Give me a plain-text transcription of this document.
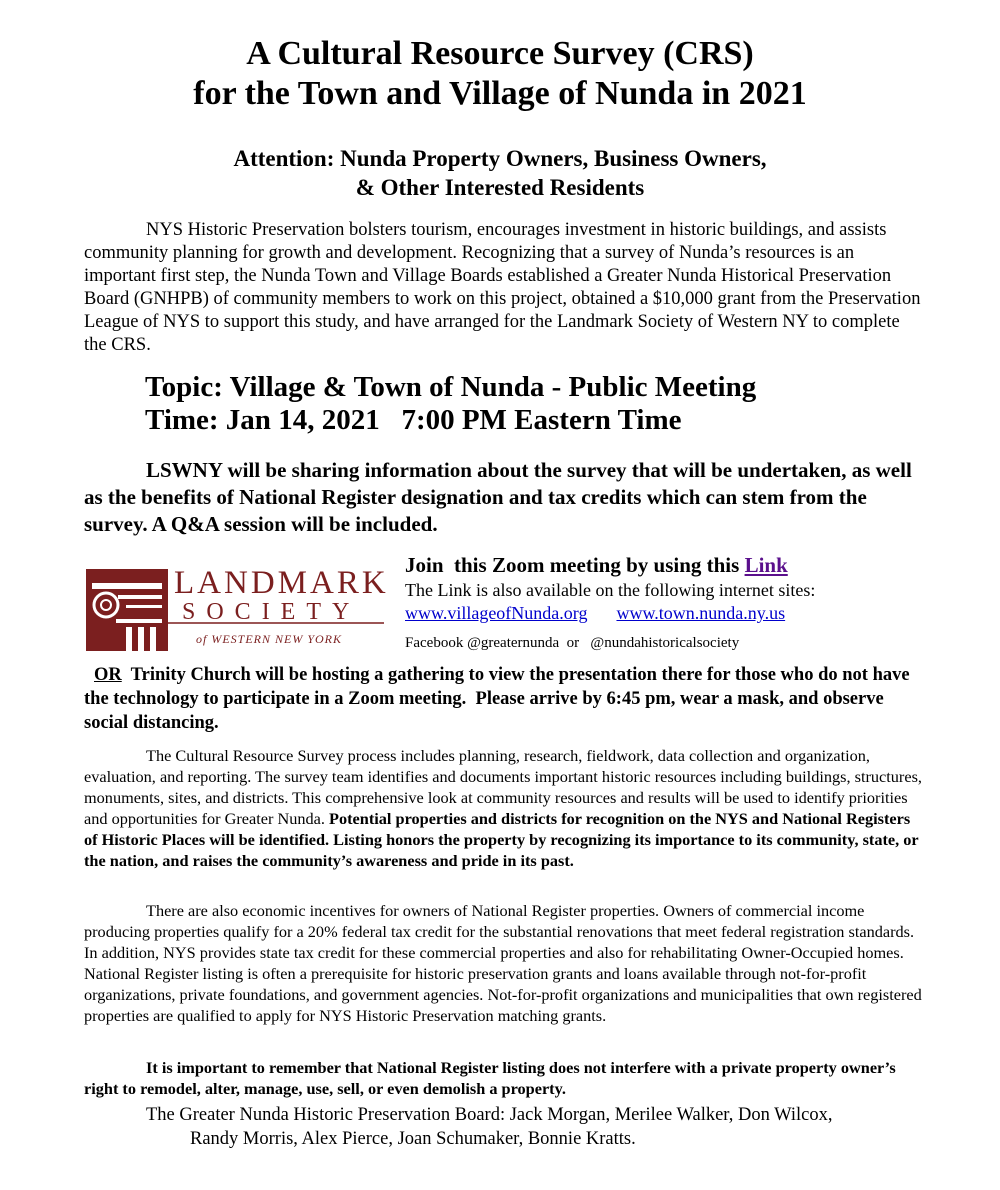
A Cultural Resource Survey (CRS)
for the Town and Village of Nunda in 2021
Attention: Nunda Property Owners, Business Owners,
& Other Interested Residents
NYS Historic Preservation bolsters tourism, encourages investment in historic buildings, and assists community planning for growth and development. Recognizing that a survey of Nunda’s resources is an important first step, the Nunda Town and Village Boards established a Greater Nunda Historical Preservation Board (GNHPB) of community members to work on this project, obtained a $10,000 grant from the Preservation League of NYS to support this study, and have arranged for the Landmark Society of Western NY to complete the CRS.
Topic: Village & Town of Nunda - Public Meeting
Time: Jan 14, 2021   7:00 PM Eastern Time
LSWNY will be sharing information about the survey that will be undertaken, as well as the benefits of National Register designation and tax credits which can stem from the survey. A Q&A session will be included.
LANDMARK
SOCIETY
of WESTERN NEW YORK
Join  this Zoom meeting by using this Link
The Link is also available on the following internet sites:
www.villageofNunda.org www.town.nunda.ny.us
Facebook @greaternunda  or   @nundahistoricalsociety
OR  Trinity Church will be hosting a gathering to view the presentation there for those who do not have the technology to participate in a Zoom meeting.  Please arrive by 6:45 pm, wear a mask, and observe social distancing.
The Cultural Resource Survey process includes planning, research, fieldwork, data collection and organization, evaluation, and reporting. The survey team identifies and documents important historic resources including buildings, structures, monuments, sites, and districts. This comprehensive look at community resources and results will be used to identify priorities and opportunities for Greater Nunda. Potential properties and districts for recognition on the NYS and National Registers of Historic Places will be identified. Listing honors the property by recognizing its importance to its community, state, or the nation, and raises the community’s awareness and pride in its past.
There are also economic incentives for owners of National Register properties. Owners of commercial income producing properties qualify for a 20% federal tax credit for the substantial renovations that meet federal registration standards. In addition, NYS provides state tax credit for these commercial properties and also for rehabilitating Owner-Occupied homes. National Register listing is often a prerequisite for historic preservation grants and loans available through not-for-profit organizations, private foundations, and government agencies. Not-for-profit organizations and municipalities that own registered properties are qualified to apply for NYS Historic Preservation matching grants.
It is important to remember that National Register listing does not interfere with a private property owner’s right to remodel, alter, manage, use, sell, or even demolish a property.
The Greater Nunda Historic Preservation Board: Jack Morgan, Merilee Walker, Don Wilcox,
Randy Morris, Alex Pierce, Joan Schumaker, Bonnie Kratts.
